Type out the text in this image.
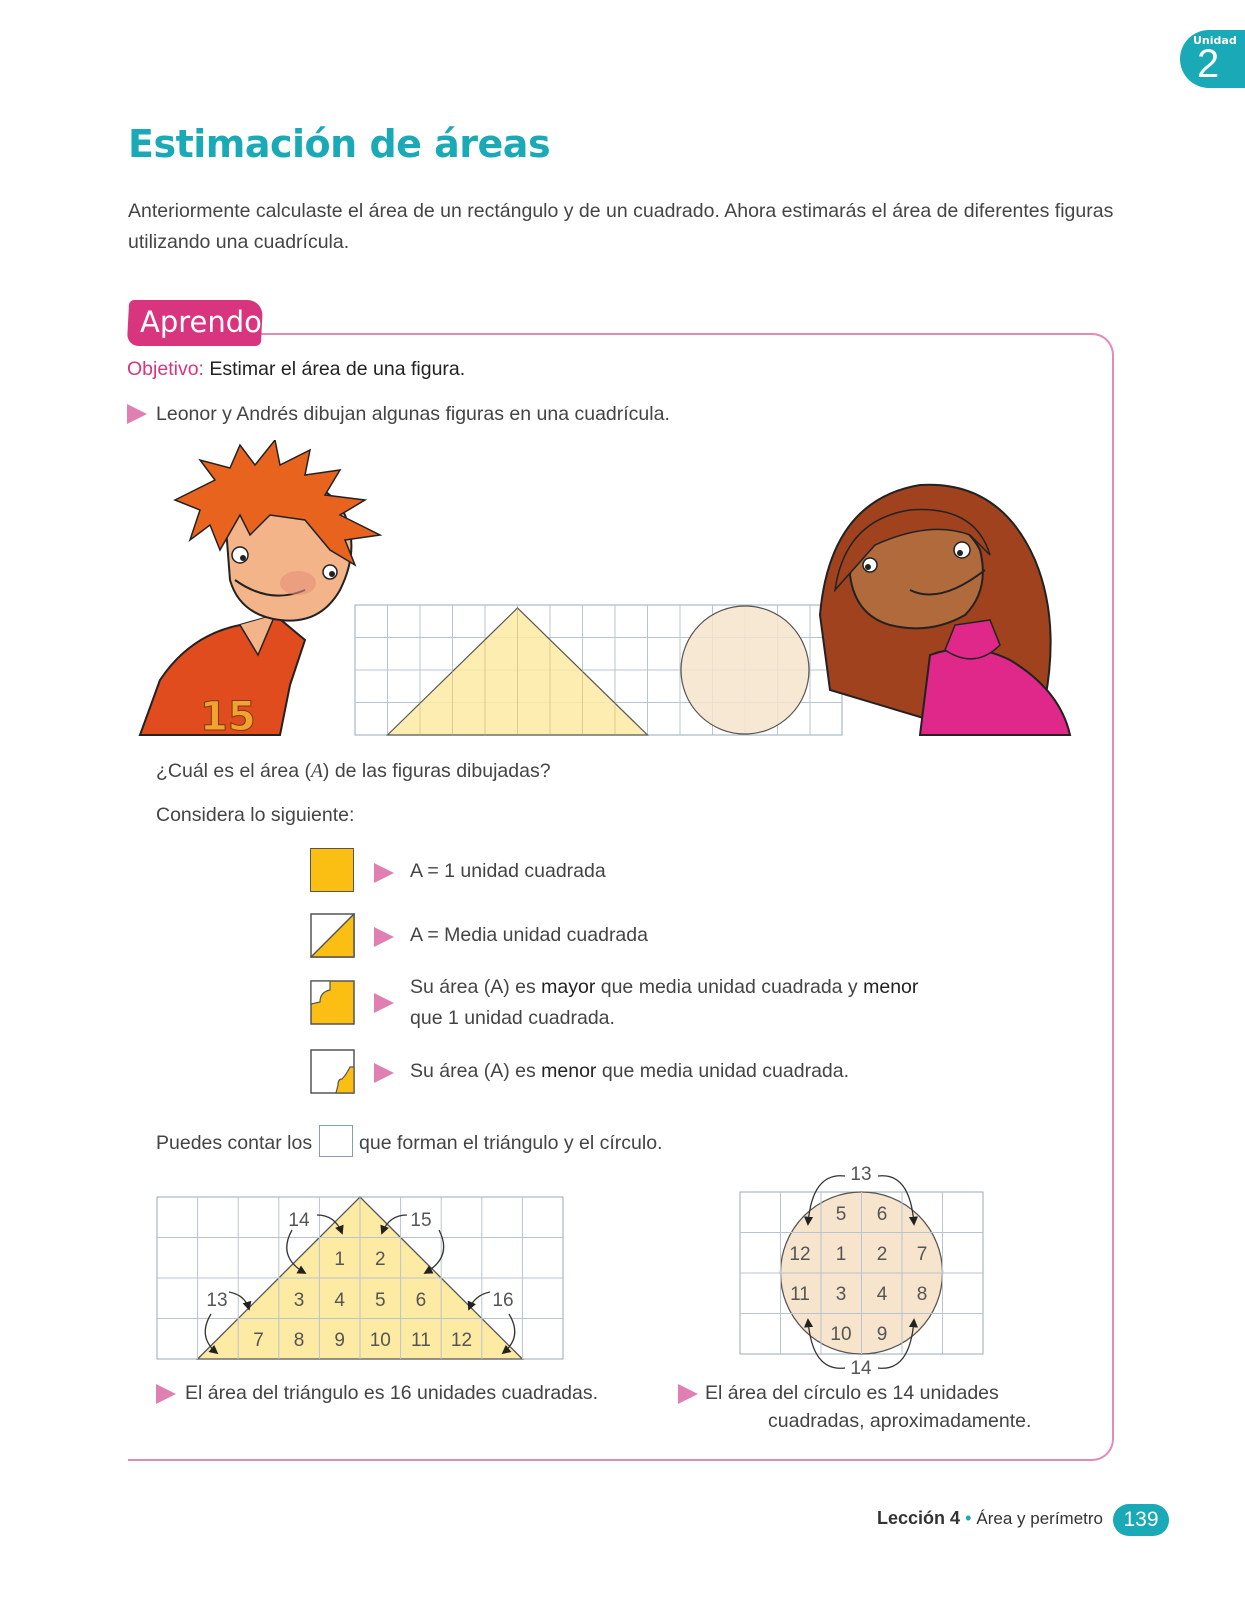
Unidad
2
Estimación de áreas
Anteriormente calculaste el área de un rectángulo y de un cuadrado. Ahora estimarás el área de diferentes figuras utilizando una cuadrícula.
Aprendo
Objetivo: Estimar el área de una figura.
Leonor y Andrés dibujan algunas figuras en una cuadrícula.
15
¿Cuál es el área (A) de las figuras dibujadas?
Considera lo siguiente:
A = 1 unidad cuadrada
A = Media unidad cuadrada
Su área (A) es mayor que media unidad cuadrada y menor
que 1 unidad cuadrada.
Su área (A) es menor que media unidad cuadrada.
Puedes contar los que forman el triángulo y el círculo.
1 2
3 4 5 6
7 8 9 10 11 12
13
14	15
16
1 2
3 4
5 6
7
8
9
10
11
12
13
14
El área del triángulo es 16 unidades cuadradas.	El área del círculo es 14 unidades
cuadradas, aproximadamente.
Lección 4 • Área y perímetro 139
